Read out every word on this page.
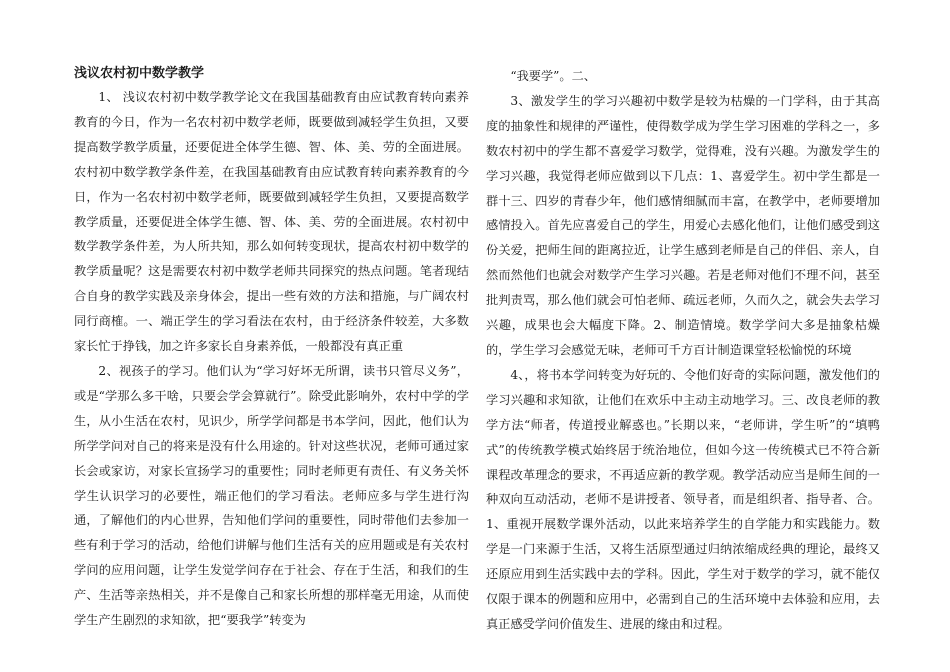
浅议农村初中数学教学

1、 浅议农村初中数学教学论文在我国基础教育由应试教育转向素养教育的今日，作为一名农村初中数学老师，既要做到减轻学生负担，又要提高数学教学质量，还要促进全体学生德、智、体、美、劳的全面进展。农村初中数学教学条件差，在我国基础教育由应试教育转向素养教育的今日，作为一名农村初中数学老师，既要做到减轻学生负担，又要提高数学教学质量，还要促进全体学生德、智、体、美、劳的全面进展。农村初中数学教学条件差，为人所共知，那么如何转变现状，提高农村初中数学的教学质量呢？这是需要农村初中数学老师共同探究的热点问题。笔者现结合自身的教学实践及亲身体会，提出一些有效的方法和措施，与广阔农村同行商榷。一、端正学生的学习看法在农村，由于经济条件较差，大多数家长忙于挣钱，加之许多家长自身素养低，一般都没有真正重

2、视孩子的学习。他们认为“学习好坏无所谓，读书只管尽义务”，或是“学那么多干啥，只要会学会算就行”。除受此影响外，农村中学的学生，从小生活在农村，见识少，所学学问都是书本学问，因此，他们认为所学学问对自己的将来是没有什么用途的。针对这些状况，老师可通过家长会或家访，对家长宣扬学习的重要性；同时老师更有责任、有义务关怀学生认识学习的必要性，端正他们的学习看法。老师应多与学生进行沟通，了解他们的内心世界，告知他们学问的重要性，同时带他们去参加一些有利于学习的活动，给他们讲解与他们生活有关的应用题或是有关农村学问的应用问题，让学生发觉学问存在于社会、存在于生活，和我们的生产、生活等亲热相关，并不是像自己和家长所想的那样毫无用途，从而使学生产生剧烈的求知欲，把“要我学”转变为

“我要学”。二、

3、激发学生的学习兴趣初中数学是较为枯燥的一门学科，由于其高度的抽象性和规律的严谨性，使得数学成为学生学习困难的学科之一，多数农村初中的学生都不喜爱学习数学，觉得难，没有兴趣。为激发学生的学习兴趣，我觉得老师应做到以下几点：1、喜爱学生。初中学生都是一群十三、四岁的青春少年，他们感情细腻而丰富，在教学中，老师要增加感情投入。首先应喜爱自己的学生，用爱心去感化他们，让他们感受到这份关爱，把师生间的距离拉近，让学生感到老师是自己的伴侣、亲人，自然而然他们也就会对数学产生学习兴趣。若是老师对他们不理不问，甚至批判责骂，那么他们就会可怕老师、疏远老师，久而久之，就会失去学习兴趣，成果也会大幅度下降。2、制造情境。数学学问大多是抽象枯燥的，学生学习会感觉无味，老师可千方百计制造课堂轻松愉悦的环境

4、，将书本学问转变为好玩的、令他们好奇的实际问题，激发他们的学习兴趣和求知欲，让他们在欢乐中主动主动地学习。三、改良老师的教学方法“师者，传道授业解惑也。”长期以来，“老师讲，学生听”的“填鸭式”的传统教学模式始终居于统治地位，但如今这一传统模式已不符合新课程改革理念的要求，不再适应新的教学观。教学活动应当是师生间的一种双向互动活动，老师不是讲授者、领导者，而是组织者、指导者、合。1、重视开展数学课外活动，以此来培养学生的自学能力和实践能力。数学是一门来源于生活，又将生活原型通过归纳浓缩成经典的理论，最终又还原应用到生活实践中去的学科。因此，学生对于数学的学习，就不能仅仅限于课本的例题和应用中，必需到自己的生活环境中去体验和应用，去真正感受学问价值发生、进展的缘由和过程。
